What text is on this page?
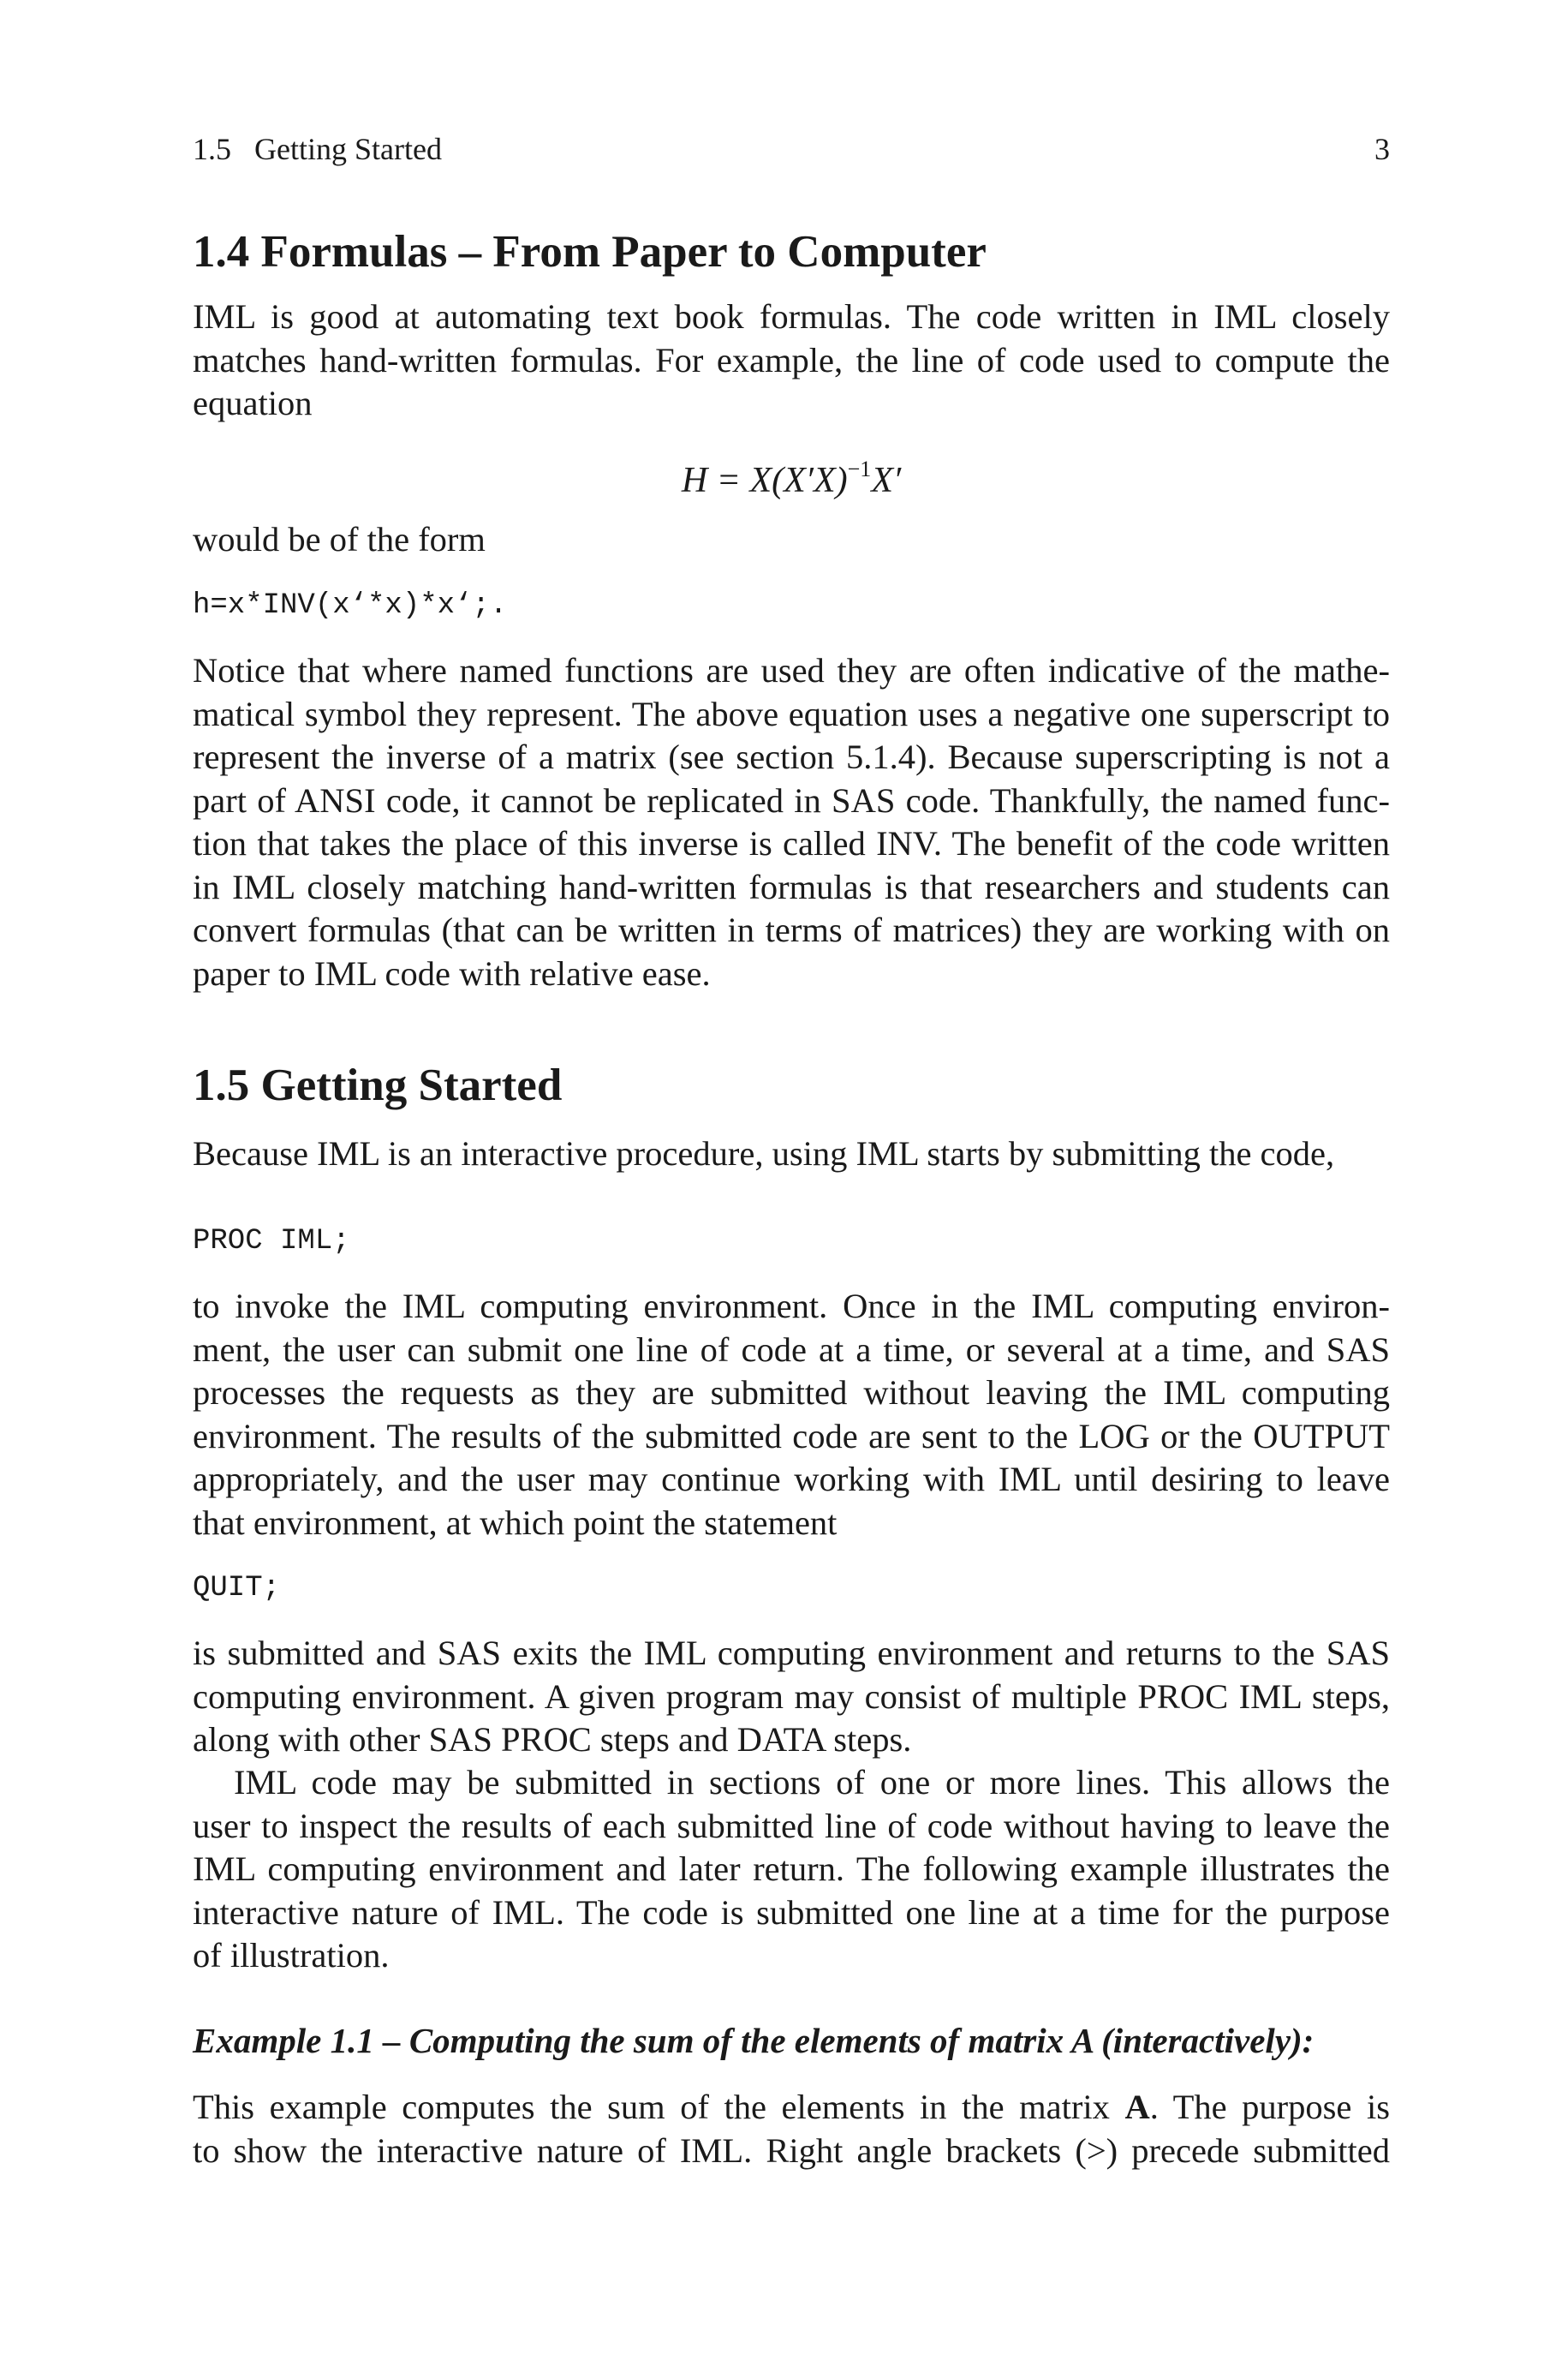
1.5   Getting Started	3
1.4 Formulas – From Paper to Computer
IML is good at automating text book formulas. The code written in IML closely
matches hand-written formulas. For example, the line of code used to compute the
equation
$H = X(X'X)^{-1}X'$
would be of the form
h=x*INV(x‘*x)*x‘;.
Notice that where named functions are used they are often indicative of the mathe-
matical symbol they represent. The above equation uses a negative one superscript to
represent the inverse of a matrix (see section 5.1.4). Because superscripting is not a
part of ANSI code, it cannot be replicated in SAS code. Thankfully, the named func-
tion that takes the place of this inverse is called INV. The benefit of the code written
in IML closely matching hand-written formulas is that researchers and students can
convert formulas (that can be written in terms of matrices) they are working with on
paper to IML code with relative ease.
1.5 Getting Started
Because IML is an interactive procedure, using IML starts by submitting the code,
PROC IML;
to invoke the IML computing environment. Once in the IML computing environ-
ment, the user can submit one line of code at a time, or several at a time, and SAS
processes the requests as they are submitted without leaving the IML computing
environment. The results of the submitted code are sent to the LOG or the OUTPUT
appropriately, and the user may continue working with IML until desiring to leave
that environment, at which point the statement
QUIT;
is submitted and SAS exits the IML computing environment and returns to the SAS
computing environment. A given program may consist of multiple PROC IML steps,
along with other SAS PROC steps and DATA steps.
IML code may be submitted in sections of one or more lines. This allows the
user to inspect the results of each submitted line of code without having to leave the
IML computing environment and later return. The following example illustrates the
interactive nature of IML. The code is submitted one line at a time for the purpose
of illustration.
Example 1.1 – Computing the sum of the elements of matrix A (interactively):
This example computes the sum of the elements in the matrix A. The purpose is
to show the interactive nature of IML. Right angle brackets (>) precede submitted
